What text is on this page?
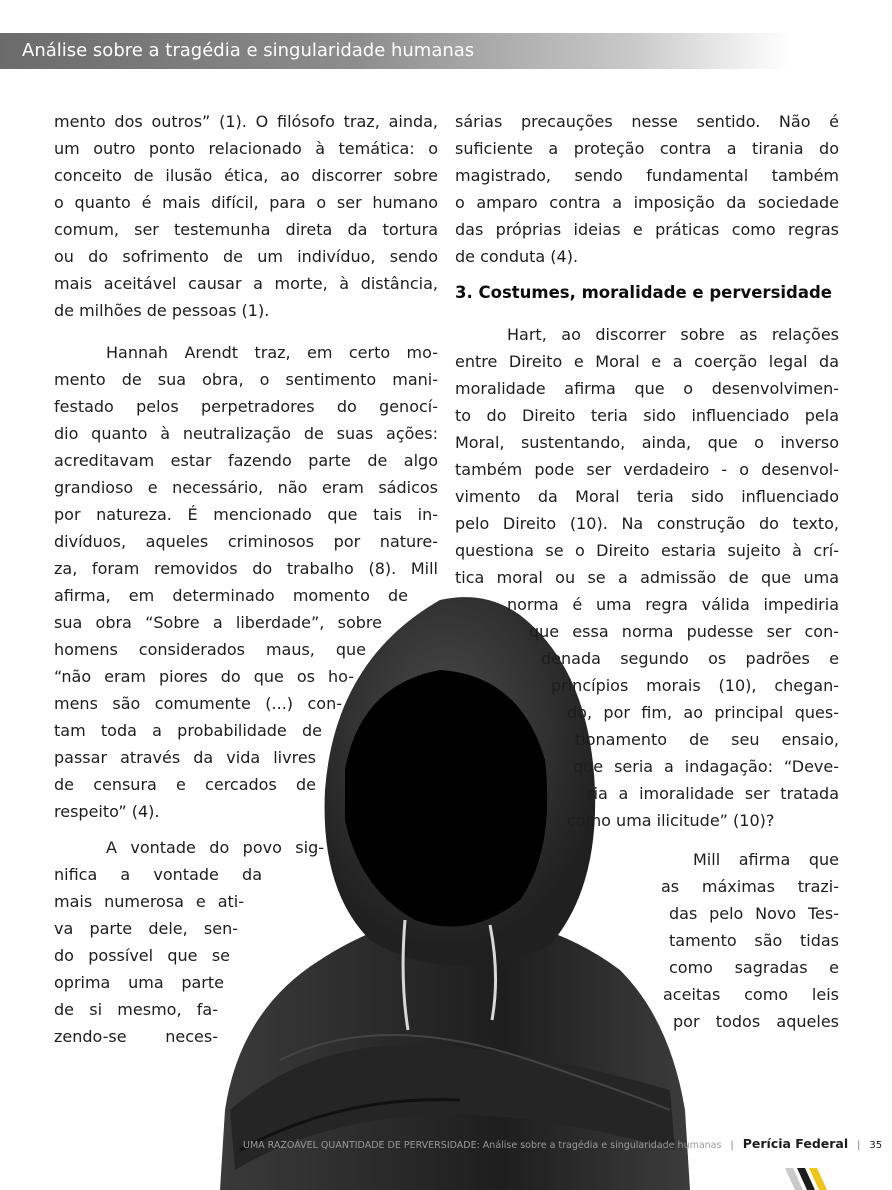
Análise sobre a tragédia e singularidade humanas
mento dos outros” (1). O filósofo traz, ainda,
um outro ponto relacionado à temática: o
conceito de ilusão ética, ao discorrer sobre
o quanto é mais difícil, para o ser humano
comum, ser testemunha direta da tortura
ou do sofrimento de um indivíduo, sendo
mais aceitável causar a morte, à distância,
de milhões de pessoas (1).
Hannah Arendt traz, em certo mo-
mento de sua obra, o sentimento mani-
festado pelos perpetradores do genocí-
dio quanto à neutralização de suas ações:
acreditavam estar fazendo parte de algo
grandioso e necessário, não eram sádicos
por natureza. É mencionado que tais in-
divíduos, aqueles criminosos por nature-
za, foram removidos do trabalho (8). Mill
afirma, em determinado momento de
sua obra “Sobre a liberdade”, sobre
homens considerados maus, que
“não eram piores do que os ho-
mens são comumente (...) con-
tam toda a probabilidade de
passar através da vida livres
de censura e cercados de
respeito” (4).
A vontade do povo sig-
nifica a vontade da
mais numerosa e ati-
va parte dele, sen-
do possível que se
oprima uma parte
de si mesmo, fa-
zendo-se neces-
sárias precauções nesse sentido. Não é
suficiente a proteção contra a tirania do
magistrado, sendo fundamental também
o amparo contra a imposição da sociedade
das próprias ideias e práticas como regras
de conduta (4).
Hart, ao discorrer sobre as relações
entre Direito e Moral e a coerção legal da
moralidade afirma que o desenvolvimen-
to do Direito teria sido influenciado pela
Moral, sustentando, ainda, que o inverso
também pode ser verdadeiro - o desenvol-
vimento da Moral teria sido influenciado
pelo Direito (10). Na construção do texto,
questiona se o Direito estaria sujeito à crí-
tica moral ou se a admissão de que uma
norma é uma regra válida impediria
que essa norma pudesse ser con-
denada segundo os padrões e
princípios morais (10), chegan-
do, por fim, ao principal ques-
tionamento de seu ensaio,
que seria a indagação: “Deve-
ria a imoralidade ser tratada
como uma ilicitude” (10)?
Mill afirma que
as máximas trazi-
das pelo Novo Tes-
tamento são tidas
como sagradas e
aceitas como leis
por todos aqueles
3. Costumes, moralidade e perversidade
UMA RAZOÁVEL QUANTIDADE DE PERVERSIDADE: Análise sobre a tragédia e singularidade humanas | Perícia Federal | 35
